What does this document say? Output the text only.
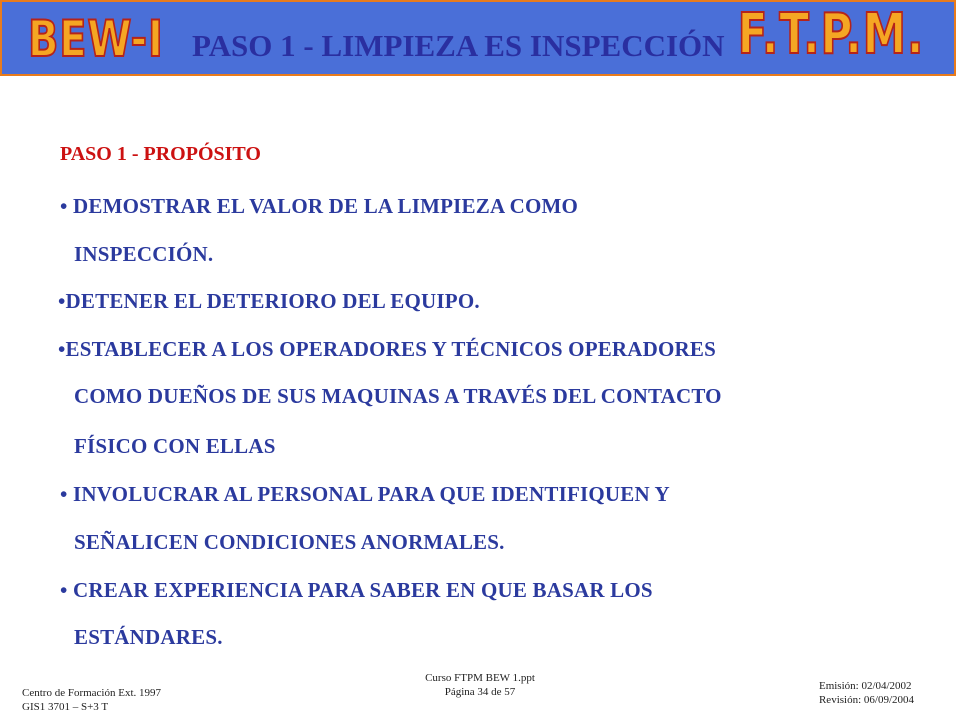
BEW-I PASO 1 - LIMPIEZA ES INSPECCIÓN F.T.P.M.
PASO 1 - PROPÓSITO
• DEMOSTRAR EL VALOR DE LA LIMPIEZA COMO
INSPECCIÓN.
•DETENER EL DETERIORO DEL EQUIPO.
•ESTABLECER A LOS OPERADORES Y TÉCNICOS OPERADORES
COMO DUEÑOS DE SUS MAQUINAS A TRAVÉS DEL CONTACTO
FÍSICO CON ELLAS
• INVOLUCRAR AL PERSONAL PARA QUE IDENTIFIQUEN Y
SEÑALICEN CONDICIONES ANORMALES.
• CREAR EXPERIENCIA PARA SABER EN QUE BASAR LOS
ESTÁNDARES.
Centro de Formación Ext. 1997
GIS1 3701 – S+3 T
Curso FTPM BEW 1.ppt
Página 34 de 57	Emisión: 02/04/2002
Revisión: 06/09/2004
